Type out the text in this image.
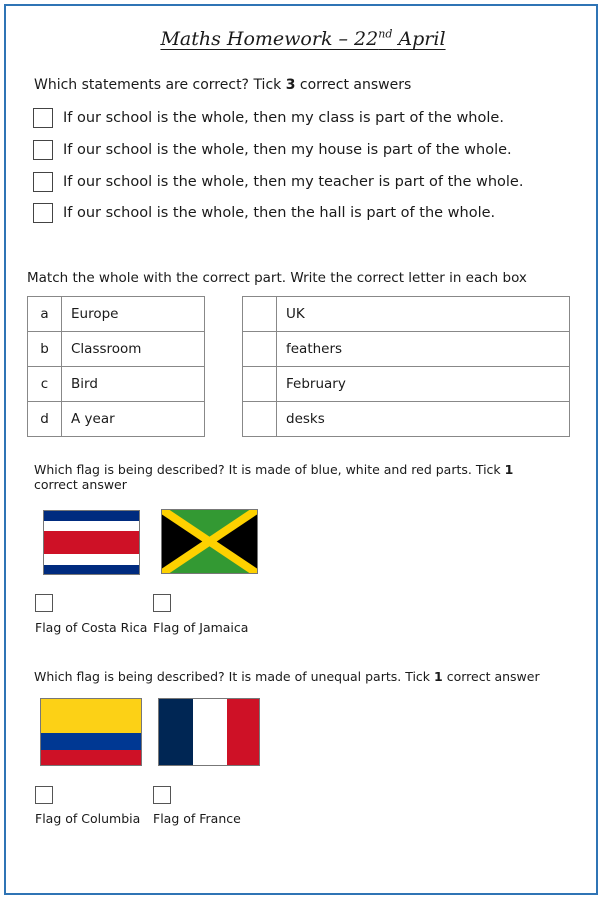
Maths Homework – 22nd April
Which statements are correct? Tick 3 correct answers
If our school is the whole, then my class is part of the whole.
If our school is the whole, then my house is part of the whole.
If our school is the whole, then my teacher is part of the whole.
If our school is the whole, then the hall is part of the whole.
Match the whole with the correct part. Write the correct letter in each box
a	Europe
b	Classroom
c	Bird
d	A year
	UK
	feathers
	February
	desks
Which flag is being described? It is made of blue, white and red parts. Tick 1 correct answer
Flag of Costa Rica Flag of Jamaica
Which flag is being described? It is made of unequal parts. Tick 1 correct answer
Flag of Columbia Flag of France
